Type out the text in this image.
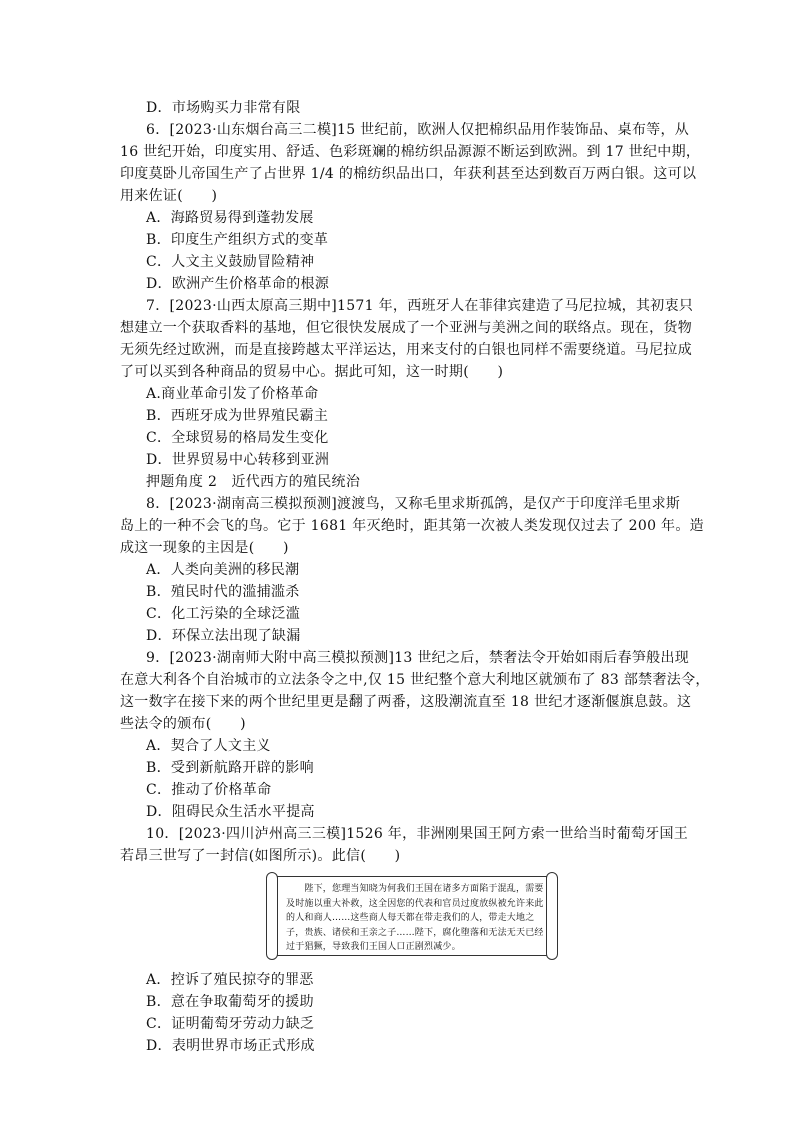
D．市场购买力非常有限
6．[2023·山东烟台高三二模]15 世纪前，欧洲人仅把棉织品用作装饰品、桌布等，从
16 世纪开始，印度实用、舒适、色彩斑斓的棉纺织品源源不断运到欧洲。到 17 世纪中期，
印度莫卧儿帝国生产了占世界 1/4 的棉纺织品出口，年获利甚至达到数百万两白银。这可以
用来佐证(　　)
A．海路贸易得到蓬勃发展
B．印度生产组织方式的变革
C．人文主义鼓励冒险精神
D．欧洲产生价格革命的根源
7．[2023·山西太原高三期中]1571 年，西班牙人在菲律宾建造了马尼拉城，其初衷只
想建立一个获取香料的基地，但它很快发展成了一个亚洲与美洲之间的联络点。现在，货物
无须先经过欧洲，而是直接跨越太平洋运达，用来支付的白银也同样不需要绕道。马尼拉成
了可以买到各种商品的贸易中心。据此可知，这一时期(　　)
A.商业革命引发了价格革命
B．西班牙成为世界殖民霸主
C．全球贸易的格局发生变化
D．世界贸易中心转移到亚洲
押题角度 2　近代西方的殖民统治
8．[2023·湖南高三模拟预测]渡渡鸟，又称毛里求斯孤鸽，是仅产于印度洋毛里求斯
岛上的一种不会飞的鸟。它于 1681 年灭绝时，距其第一次被人类发现仅过去了 200 年。造
成这一现象的主因是(　　)
A．人类向美洲的移民潮
B．殖民时代的滥捕滥杀
C．化工污染的全球泛滥
D．环保立法出现了缺漏
9．[2023·湖南师大附中高三模拟预测]13 世纪之后，禁奢法令开始如雨后春笋般出现
在意大利各个自治城市的立法条令之中,仅 15 世纪整个意大利地区就颁布了 83 部禁奢法令，
这一数字在接下来的两个世纪里更是翻了两番，这股潮流直至 18 世纪才逐渐偃旗息鼓。这
些法令的颁布(　　)
A．契合了人文主义
B．受到新航路开辟的影响
C．推动了价格革命
D．阻碍民众生活水平提高
10．[2023·四川泸州高三三模]1526 年，非洲刚果国王阿方索一世给当时葡萄牙国王
若昂三世写了一封信(如图所示)。此信(　　)
　　陛下，您理当知晓为何我们王国在诸多方面陷于混乱，需要及时施以重大补救，这全因您的代表和官员过度放纵被允许来此的人和商人……这些商人每天都在带走我们的人，带走大地之子，贵族、诸侯和王亲之子……陛下，腐化堕落和无法无天已经过于猖獗，导致我们王国人口正剧烈减少。
A．控诉了殖民掠夺的罪恶
B．意在争取葡萄牙的援助
C．证明葡萄牙劳动力缺乏
D．表明世界市场正式形成
